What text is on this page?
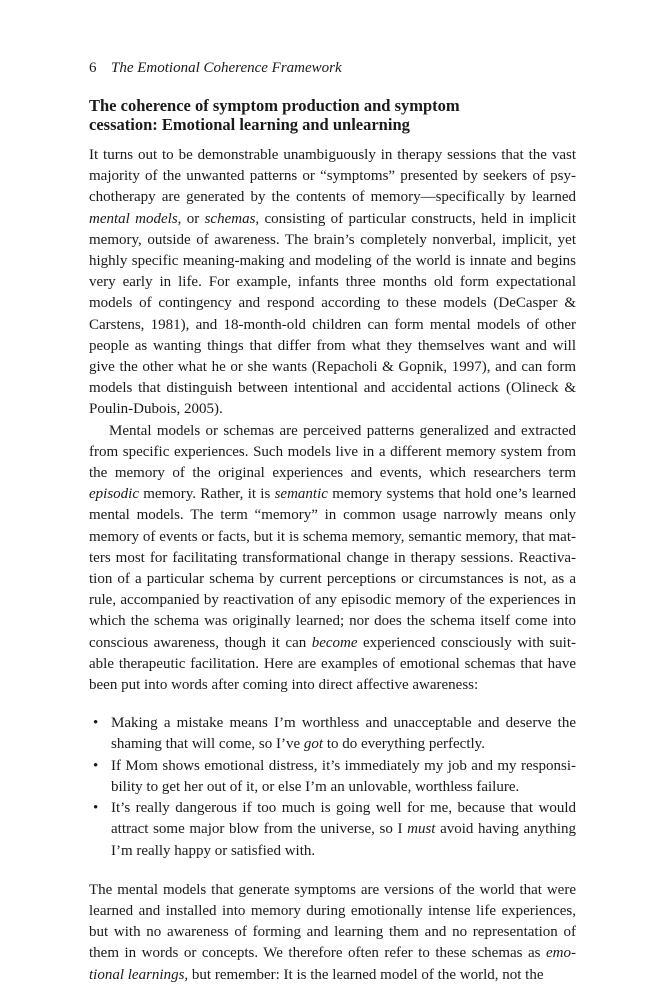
6 The Emotional Coherence Framework
The coherence of symptom production and symptom
cessation: Emotional learning and unlearning

It turns out to be demonstrable unambiguously in therapy sessions that the vast majority of the unwanted patterns or “symptoms” presented by seekers of psychotherapy are generated by the contents of memory—specifically by learned mental models, or schemas, consisting of particular constructs, held in implicit memory, outside of awareness. The brain’s completely nonverbal, implicit, yet highly specific meaning-making and modeling of the world is innate and begins very early in life. For example, infants three months old form expectational models of contingency and respond according to these models (DeCasper & Carstens, 1981), and 18-month-old children can form mental models of other people as wanting things that differ from what they themselves want and will give the other what he or she wants (Repacholi & Gopnik, 1997), and can form models that distinguish between intentional and accidental actions (Olineck & Poulin-Dubois, 2005).

Mental models or schemas are perceived patterns generalized and extracted from specific experiences. Such models live in a different memory system from the memory of the original experiences and events, which researchers term episodic memory. Rather, it is semantic memory systems that hold one’s learned mental models. The term “memory” in common usage narrowly means only memory of events or facts, but it is schema memory, semantic memory, that matters most for facilitating transformational change in therapy sessions. Reactivation of a particular schema by current perceptions or circumstances is not, as a rule, accompanied by reactivation of any episodic memory of the experiences in which the schema was originally learned; nor does the schema itself come into conscious awareness, though it can become experienced consciously with suitable therapeutic facilitation. Here are examples of emotional schemas that have been put into words after coming into direct affective awareness:

• Making a mistake means I’m worthless and unacceptable and deserve the shaming that will come, so I’ve got to do everything perfectly.
• If Mom shows emotional distress, it’s immediately my job and my responsibility to get her out of it, or else I’m an unlovable, worthless failure.
• It’s really dangerous if too much is going well for me, because that would attract some major blow from the universe, so I must avoid having anything I’m really happy or satisfied with.

The mental models that generate symptoms are versions of the world that were learned and installed into memory during emotionally intense life experiences, but with no awareness of forming and learning them and no representation of them in words or concepts. We therefore often refer to these schemas as emotional learnings, but remember: It is the learned model of the world, not the
